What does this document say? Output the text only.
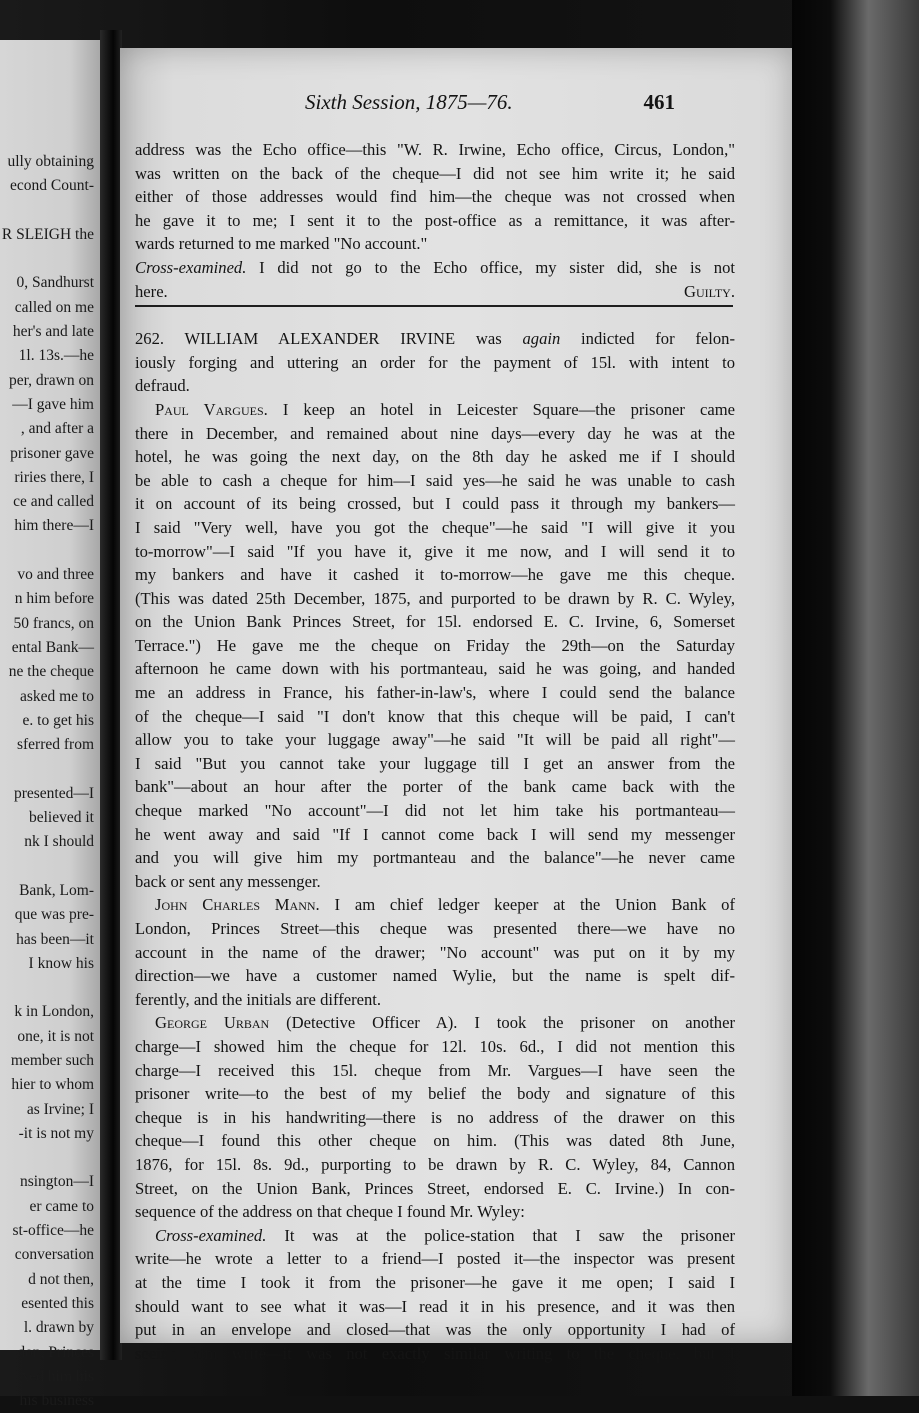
ully obtaining
econd Count-
R SLEIGH the
0, Sandhurst
called on me
her's and late
1l. 13s.—he
per, drawn on
—I gave him
, and after a
prisoner gave
riries there, I
ce and called
him there—I
vo and three
n him before
50 francs, on
ental Bank—
ne the cheque
asked me to
e. to get his
sferred from
presented—I
believed it
nk I should
Bank, Lom-
que was pre-
has been—it
I know his
k in London,
one, it is not
member such
hier to whom
as Irvine; I
-it is not my
nsington—I
er came to
st-office—he
conversation
d not then,
esented this
l. drawn by
don, Princes
xed him his
his business
Sixth Session, 1875—76.	461
address was the Echo office—this "W. R. Irwine, Echo office, Circus, London,"
was written on the back of the cheque—I did not see him write it; he said
either of those addresses would find him—the cheque was not crossed when
he gave it to me; I sent it to the post-office as a remittance, it was after-
wards returned to me marked "No account."
Cross-examined. I did not go to the Echo office, my sister did, she is not
here.	Guilty.
262. WILLIAM ALEXANDER IRVINE was again indicted for felon-
iously forging and uttering an order for the payment of 15l. with intent to
defraud.
Paul Vargues. I keep an hotel in Leicester Square—the prisoner came
there in December, and remained about nine days—every day he was at the
hotel, he was going the next day, on the 8th day he asked me if I should
be able to cash a cheque for him—I said yes—he said he was unable to cash
it on account of its being crossed, but I could pass it through my bankers—
I said "Very well, have you got the cheque"—he said "I will give it you
to-morrow"—I said "If you have it, give it me now, and I will send it to
my bankers and have it cashed it to-morrow—he gave me this cheque.
(This was dated 25th December, 1875, and purported to be drawn by R. C. Wyley,
on the Union Bank Princes Street, for 15l. endorsed E. C. Irvine, 6, Somerset
Terrace.") He gave me the cheque on Friday the 29th—on the Saturday
afternoon he came down with his portmanteau, said he was going, and handed
me an address in France, his father-in-law's, where I could send the balance
of the cheque—I said "I don't know that this cheque will be paid, I can't
allow you to take your luggage away"—he said "It will be paid all right"—
I said "But you cannot take your luggage till I get an answer from the
bank"—about an hour after the porter of the bank came back with the
cheque marked "No account"—I did not let him take his portmanteau—
he went away and said "If I cannot come back I will send my messenger
and you will give him my portmanteau and the balance"—he never came
back or sent any messenger.
John Charles Mann. I am chief ledger keeper at the Union Bank of
London, Princes Street—this cheque was presented there—we have no
account in the name of the drawer; "No account" was put on it by my
direction—we have a customer named Wylie, but the name is spelt dif-
ferently, and the initials are different.
George Urban (Detective Officer A). I took the prisoner on another
charge—I showed him the cheque for 12l. 10s. 6d., I did not mention this
charge—I received this 15l. cheque from Mr. Vargues—I have seen the
prisoner write—to the best of my belief the body and signature of this
cheque is in his handwriting—there is no address of the drawer on this
cheque—I found this other cheque on him. (This was dated 8th June,
1876, for 15l. 8s. 9d., purporting to be drawn by R. C. Wyley, 84, Cannon
Street, on the Union Bank, Princes Street, endorsed E. C. Irvine.) In con-
sequence of the address on that cheque I found Mr. Wyley:
Cross-examined. It was at the police-station that I saw the prisoner
write—he wrote a letter to a friend—I posted it—the inspector was present
at the time I took it from the prisoner—he gave it me open; I said I
should want to see what it was—I read it in his presence, and it was then
put in an envelope and closed—that was the only opportunity I had of
seeing him write—it was not exactly similar writing to the cheque, but I
